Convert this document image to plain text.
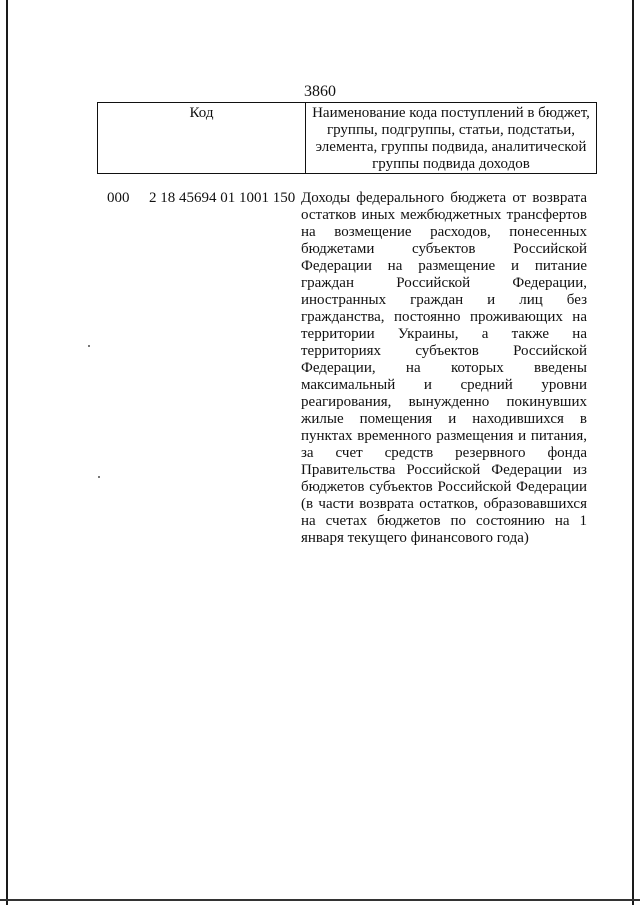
3860
Код	Наименование кода поступлений в бюджет, группы, подгруппы, статьи, подстатьи, элемента, группы подвида, аналитической группы подвида доходов
000 2 18 45694 01 1001 150 Доходы федерального бюджета от возврата остатков иных межбюджетных трансфертов на возмещение расходов, понесенных бюджетами субъектов Российской Федерации на размещение и питание граждан Российской Федерации, иностранных граждан и лиц без гражданства, постоянно проживающих на территории Украины, а также на территориях субъектов Российской Федерации, на которых введены максимальный и средний уровни реагирования, вынужденно покинувших жилые помещения и находившихся в пунктах временного размещения и питания, за счет средств резервного фонда Правительства Российской Федерации из бюджетов субъектов Российской Федерации (в части возврата остатков, образовавшихся на счетах бюджетов по состоянию на 1 января текущего финансового года)
